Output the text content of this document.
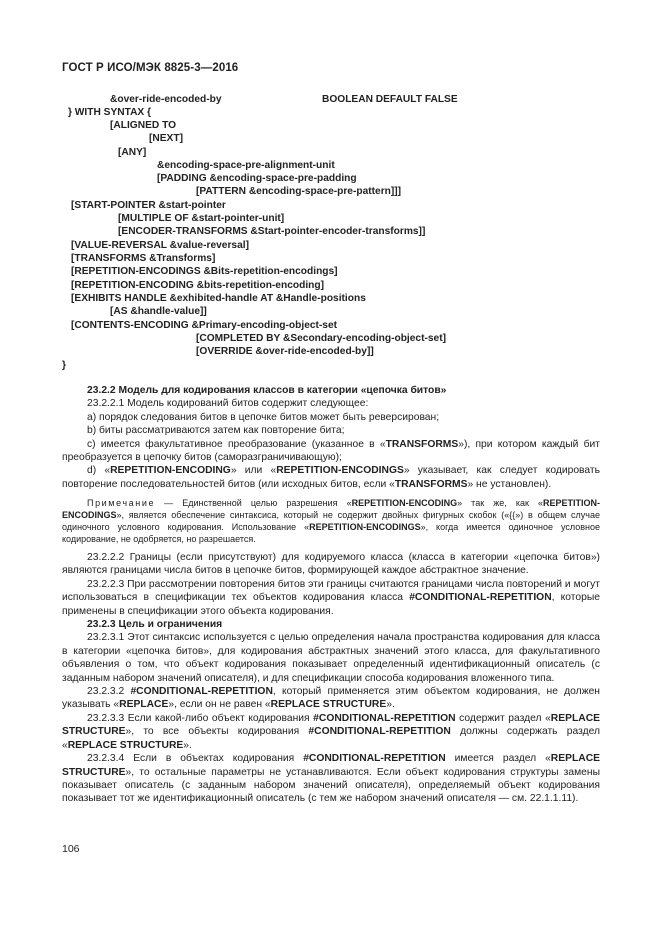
ГОСТ Р ИСО/МЭК 8825-3—2016
&over-ride-encoded-by	BOOLEAN DEFAULT FALSE
} WITH SYNTAX {
[ALIGNED TO
[NEXT]
[ANY]
&encoding-space-pre-alignment-unit
[PADDING &encoding-space-pre-padding
[PATTERN &encoding-space-pre-pattern]]]
[START-POINTER &start-pointer
[MULTIPLE OF &start-pointer-unit]
[ENCODER-TRANSFORMS &Start-pointer-encoder-transforms]]
[VALUE-REVERSAL &value-reversal]
[TRANSFORMS &Transforms]
[REPETITION-ENCODINGS &Bits-repetition-encodings]
[REPETITION-ENCODING &bits-repetition-encoding]
[EXHIBITS HANDLE &exhibited-handle AT &Handle-positions
[AS &handle-value]]
[CONTENTS-ENCODING &Primary-encoding-object-set
[COMPLETED BY &Secondary-encoding-object-set]
[OVERRIDE &over-ride-encoded-by]]
}

23.2.2 Модель для кодирования классов в категории «цепочка битов»

23.2.2.1 Модель кодирований битов содержит следующее:

a) порядок следования битов в цепочке битов может быть реверсирован;

b) биты рассматриваются затем как повторение бита;

c) имеется факультативное преобразование (указанное в «TRANSFORMS»), при котором каждый бит преобразуется в цепочку битов (саморазграничивающую);

d) «REPETITION-ENCODING» или «REPETITION-ENCODINGS» указывает, как следует кодировать повторение последовательностей битов (или исходных битов, если «TRANSFORMS» не установлен).

Примечание — Единственной целью разрешения «REPETITION-ENCODING» так же, как «REPETITION-ENCODINGS», является обеспечение синтаксиса, который не содержит двойных фигурных скобок («{{») в общем случае одиночного условного кодирования. Использование «REPETITION-ENCODINGS», когда имеется одиночное условное кодирование, не одобряется, но разрешается.

23.2.2.2 Границы (если присутствуют) для кодируемого класса (класса в категории «цепочка битов») являются границами числа битов в цепочке битов, формирующей каждое абстрактное значение.

23.2.2.3 При рассмотрении повторения битов эти границы считаются границами числа повторений и могут использоваться в спецификации тех объектов кодирования класса #CONDITIONAL-REPETITION, которые применены в спецификации этого объекта кодирования.

23.2.3 Цель и ограничения

23.2.3.1 Этот синтаксис используется с целью определения начала пространства кодирования для класса в категории «цепочка битов», для кодирования абстрактных значений этого класса, для факультативного объявления о том, что объект кодирования показывает определенный идентификационный описатель (с заданным набором значений описателя), и для спецификации способа кодирования вложенного типа.

23.2.3.2 #CONDITIONAL-REPETITION, который применяется этим объектом кодирования, не должен указывать «REPLACE», если он не равен «REPLACE STRUCTURE».

23.2.3.3 Если какой-либо объект кодирования #CONDITIONAL-REPETITION содержит раздел «REPLACE STRUCTURE», то все объекты кодирования #CONDITIONAL-REPETITION должны содержать раздел «REPLACE STRUCTURE».

23.2.3.4 Если в объектах кодирования #CONDITIONAL-REPETITION имеется раздел «REPLACE STRUCTURE», то остальные параметры не устанавливаются. Если объект кодирования структуры замены показывает описатель (с заданным набором значений описателя), определяемый объект кодирования показывает тот же идентификационный описатель (с тем же набором значений описателя — см. 22.1.1.11).

106
